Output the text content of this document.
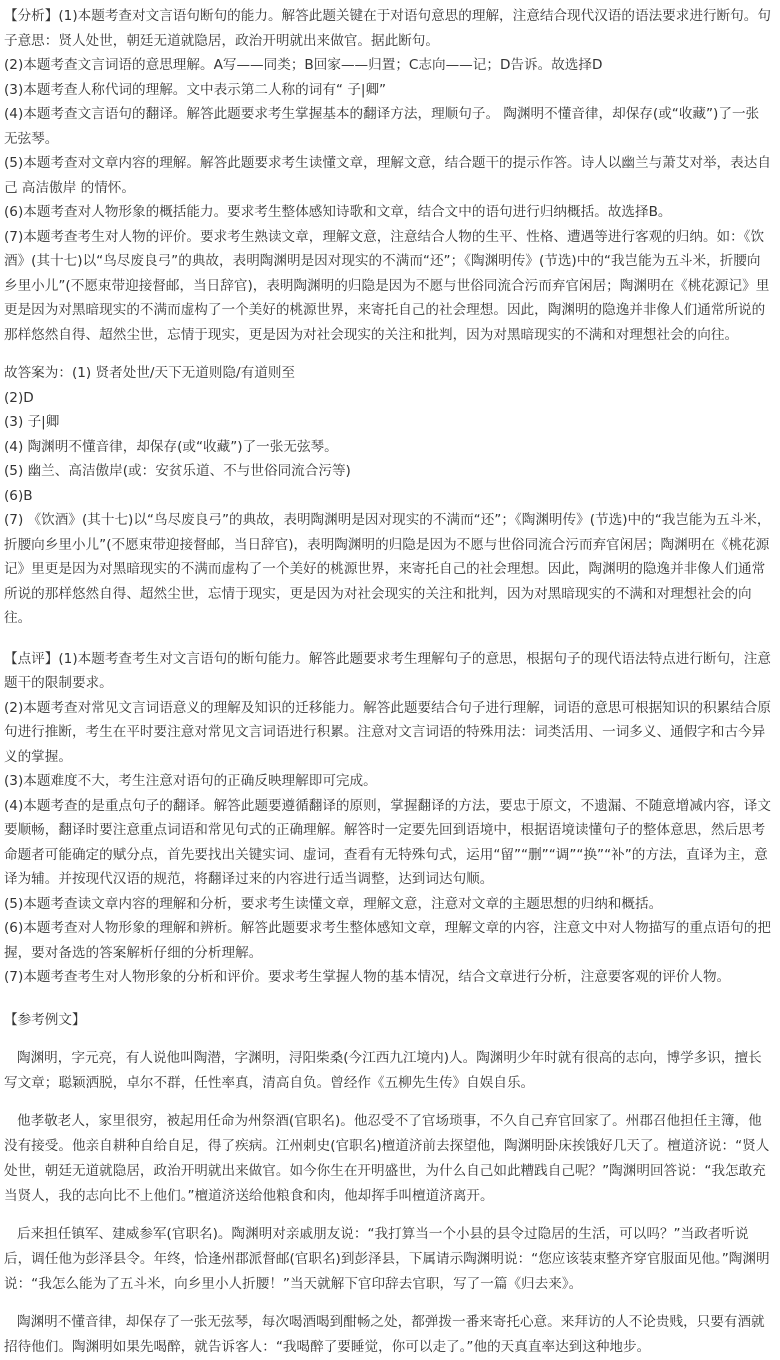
【分析】(1)本题考查对文言语句断句的能力。解答此题关键在于对语句意思的理解，注意结合现代汉语的语法要求进行断句。句子意思：贤人处世，朝廷无道就隐居，政治开明就出来做官。据此断句。

(2)本题考查文言词语的意思理解。A写——同类；B回家——归置；C志向——记；D告诉。故选择D

(3)本题考查人称代词的理解。文中表示第二人称的词有“ 子|卿”

(4)本题考查文言语句的翻译。解答此题要求考生掌握基本的翻译方法，理顺句子。 陶渊明不懂音律，却保存(或“收藏”)了一张无弦琴。

(5)本题考查对文章内容的理解。解答此题要求考生读懂文章，理解文意，结合题干的提示作答。诗人以幽兰与萧艾对举，表达自己 高洁傲岸 的情怀。

(6)本题考查对人物形象的概括能力。要求考生整体感知诗歌和文章，结合文中的语句进行归纳概括。故选择B。

(7)本题考查考生对人物的评价。要求考生熟读文章，理解文意，注意结合人物的生平、性格、遭遇等进行客观的归纳。如：《饮酒》(其十七)以“鸟尽废良弓”的典故，表明陶渊明是因对现实的不满而“还”；《陶渊明传》(节选)中的“我岂能为五斗米，折腰向乡里小儿”(不愿束带迎接督邮，当日辞官)，表明陶渊明的归隐是因为不愿与世俗同流合污而弃官闲居；陶渊明在《桃花源记》里更是因为对黑暗现实的不满而虚构了一个美好的桃源世界，来寄托自己的社会理想。因此，陶渊明的隐逸并非像人们通常所说的那样悠然自得、超然尘世，忘情于现实，更是因为对社会现实的关注和批判，因为对黑暗现实的不满和对理想社会的向往。

故答案为：(1) 贤者处世/天下无道则隐/有道则至

(2)D

(3) 子|卿

(4) 陶渊明不懂音律，却保存(或“收藏”)了一张无弦琴。

(5) 幽兰、高洁傲岸(或：安贫乐道、不与世俗同流合污等)

(6)B

(7) 《饮酒》(其十七)以“鸟尽废良弓”的典故，表明陶渊明是因对现实的不满而“还”；《陶渊明传》(节选)中的“我岂能为五斗米，折腰向乡里小儿”(不愿束带迎接督邮，当日辞官)，表明陶渊明的归隐是因为不愿与世俗同流合污而弃官闲居；陶渊明在《桃花源记》里更是因为对黑暗现实的不满而虚构了一个美好的桃源世界，来寄托自己的社会理想。因此，陶渊明的隐逸并非像人们通常所说的那样悠然自得、超然尘世，忘情于现实，更是因为对社会现实的关注和批判，因为对黑暗现实的不满和对理想社会的向往。

【点评】(1)本题考查考生对文言语句的断句能力。解答此题要求考生理解句子的意思，根据句子的现代语法特点进行断句，注意题干的限制要求。

(2)本题考查对常见文言词语意义的理解及知识的迁移能力。解答此题要结合句子进行理解，词语的意思可根据知识的积累结合原句进行推断，考生在平时要注意对常见文言词语进行积累。注意对文言词语的特殊用法：词类活用、一词多义、通假字和古今异义的掌握。

(3)本题难度不大，考生注意对语句的正确反映理解即可完成。

(4)本题考查的是重点句子的翻译。解答此题要遵循翻译的原则，掌握翻译的方法，要忠于原文，不遗漏、不随意增减内容，译文要顺畅，翻译时要注意重点词语和常见句式的正确理解。解答时一定要先回到语境中，根据语境读懂句子的整体意思，然后思考命题者可能确定的赋分点，首先要找出关键实词、虚词，查看有无特殊句式，运用“留”“删”“调”“换”“补”的方法，直译为主，意译为辅。并按现代汉语的规范，将翻译过来的内容进行适当调整，达到词达句顺。

(5)本题考查读文章内容的理解和分析，要求考生读懂文章，理解文意，注意对文章的主题思想的归纳和概括。

(6)本题考查对人物形象的理解和辨析。解答此题要求考生整体感知文章，理解文章的内容，注意文中对人物描写的重点语句的把握，要对备选的答案解析仔细的分析理解。

(7)本题考查考生对人物形象的分析和评价。要求考生掌握人物的基本情况，结合文章进行分析，注意要客观的评价人物。

【参考例文】

陶渊明，字元亮，有人说他叫陶潜，字渊明，浔阳柴桑(今江西九江境内)人。陶渊明少年时就有很高的志向，博学多识，擅长写文章；聪颖洒脱，卓尔不群，任性率真，清高自负。曾经作《五柳先生传》自娱自乐。

他孝敬老人，家里很穷，被起用任命为州祭酒(官职名)。他忍受不了官场琐事，不久自己弃官回家了。州郡召他担任主簿，他没有接受。他亲自耕种自给自足，得了疾病。江州刺史(官职名)檀道济前去探望他，陶渊明卧床挨饿好几天了。檀道济说：“贤人处世，朝廷无道就隐居，政治开明就出来做官。如今你生在开明盛世，为什么自己如此糟践自己呢？”陶渊明回答说：“我怎敢充当贤人，我的志向比不上他们。”檀道济送给他粮食和肉，他却挥手叫檀道济离开。

后来担任镇军、建威参军(官职名)。陶渊明对亲戚朋友说：“我打算当一个小县的县令过隐居的生活，可以吗？”当政者听说后，调任他为彭泽县令。年终，恰逢州郡派督邮(官职名)到彭泽县，下属请示陶渊明说：“您应该装束整齐穿官服面见他。”陶渊明说：“我怎么能为了五斗米，向乡里小人折腰！”当天就解下官印辞去官职，写了一篇《归去来》。

陶渊明不懂音律，却保存了一张无弦琴，每次喝酒喝到酣畅之处，都弹拨一番来寄托心意。来拜访的人不论贵贱，只要有酒就招待他们。陶渊明如果先喝醉，就告诉客人：“我喝醉了要睡觉，你可以走了。”他的天真直率达到这种地步。
